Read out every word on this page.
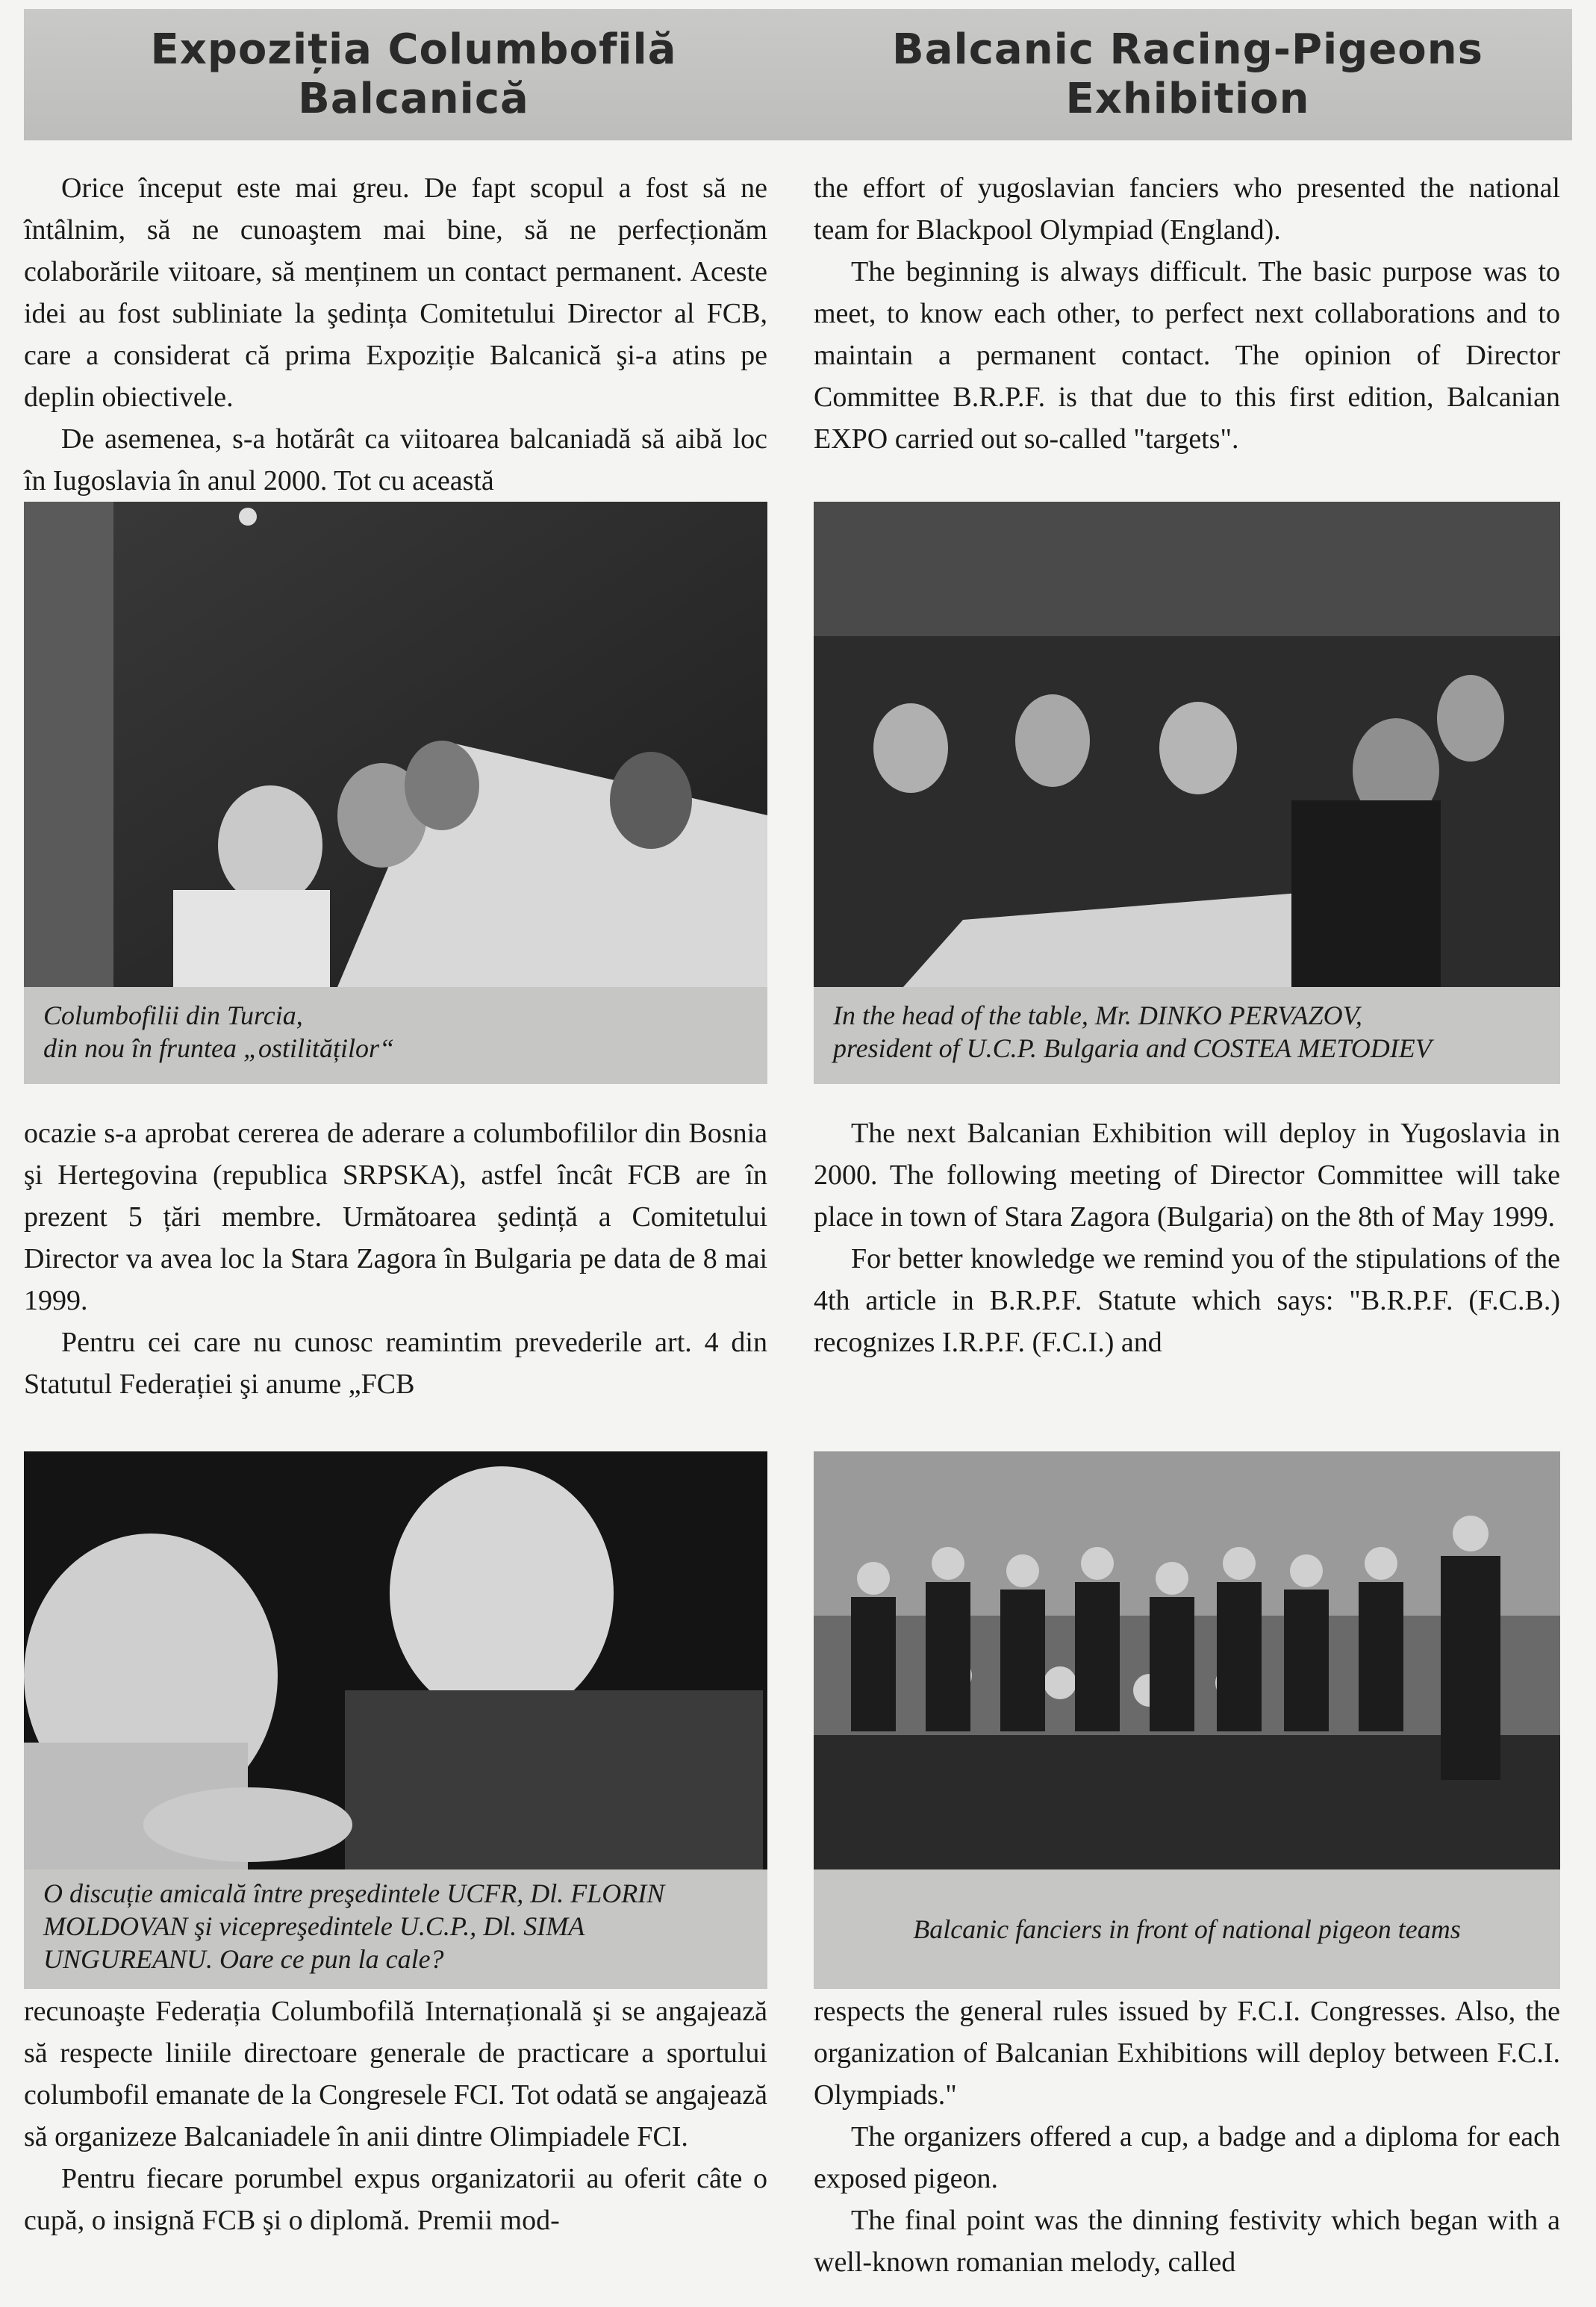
Expoziția Columbofilă
Balcanică
Balcanic Racing-Pigeons
Exhibition

Orice început este mai greu. De fapt scopul a fost să ne întâlnim, să ne cunoaştem mai bine, să ne perfecționăm colaborările viitoare, să menținem un contact permanent. Aceste idei au fost subliniate la şedința Comitetului Director al FCB, care a considerat că prima Expoziție Balcanică şi-a atins pe deplin obiectivele.

De asemenea, s-a hotărât ca viitoarea balcaniadă să aibă loc în Iugoslavia în anul 2000. Tot cu această

the effort of yugoslavian fanciers who presented the national team for Blackpool Olympiad (England).

The beginning is always difficult. The basic purpose was to meet, to know each other, to perfect next collaborations and to maintain a permanent contact. The opinion of Director Committee B.R.P.F. is that due to this first edition, Balcanian EXPO carried out so-called "targets".

Columbofilii din Turcia,
din nou în fruntea „ostilităților“
In the head of the table, Mr. DINKO PERVAZOV,
president of U.C.P. Bulgaria and COSTEA METODIEV

ocazie s-a aprobat cererea de aderare a columbofililor din Bosnia şi Hertegovina (republica SRPSKA), astfel încât FCB are în prezent 5 țări membre. Următoarea şedință a Comitetului Director va avea loc la Stara Zagora în Bulgaria pe data de 8 mai 1999.

Pentru cei care nu cunosc reamintim prevederile art. 4 din Statutul Federației şi anume „FCB

The next Balcanian Exhibition will deploy in Yugoslavia in 2000. The following meeting of Director Committee will take place in town of Stara Zagora (Bulgaria) on the 8th of May 1999.

For better knowledge we remind you of the stipulations of the 4th article in B.R.P.F. Statute which says: "B.R.P.F. (F.C.B.) recognizes I.R.P.F. (F.C.I.) and

O discuție amicală între preşedintele UCFR, Dl. FLORIN
MOLDOVAN şi vicepreşedintele U.C.P., Dl. SIMA
UNGUREANU. Oare ce pun la cale?
Balcanic fanciers in front of national pigeon teams

recunoaşte Federația Columbofilă Internațională şi se angajează să respecte liniile directoare generale de practicare a sportului columbofil emanate de la Congresele FCI. Tot odată se angajează să organizeze Balcaniadele în anii dintre Olimpiadele FCI.

Pentru fiecare porumbel expus organizatorii au oferit câte o cupă, o insignă FCB şi o diplomă. Premii mod-

respects the general rules issued by F.C.I. Congresses. Also, the organization of Balcanian Exhibitions will deploy between F.C.I. Olympiads."

The organizers offered a cup, a badge and a diploma for each exposed pigeon.

The final point was the dinning festivity which began with a well-known romanian melody, called
